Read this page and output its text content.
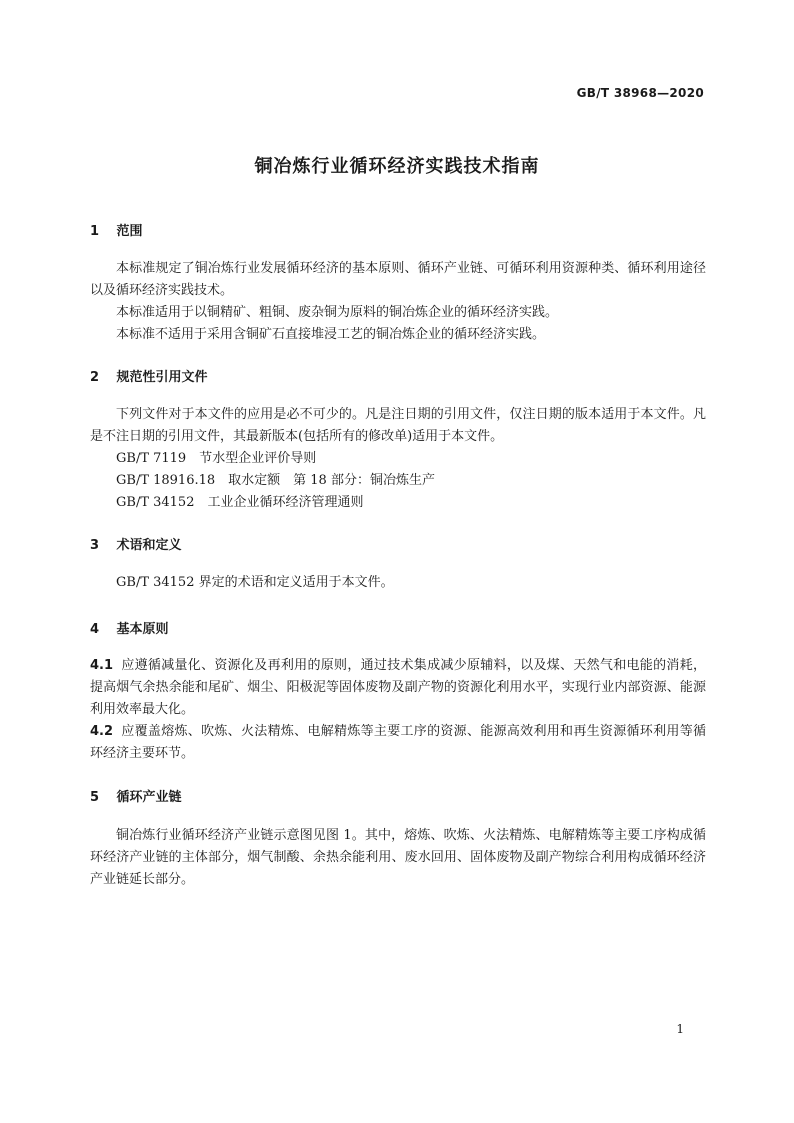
GB/T 38968—2020
铜冶炼行业循环经济实践技术指南
1 范围
本标准规定了铜冶炼行业发展循环经济的基本原则、循环产业链、可循环利用资源种类、循环利用途径以及循环经济实践技术。
本标准适用于以铜精矿、粗铜、废杂铜为原料的铜冶炼企业的循环经济实践。
本标准不适用于采用含铜矿石直接堆浸工艺的铜冶炼企业的循环经济实践。
2 规范性引用文件
下列文件对于本文件的应用是必不可少的。凡是注日期的引用文件，仅注日期的版本适用于本文件。凡是不注日期的引用文件，其最新版本(包括所有的修改单)适用于本文件。
GB/T 7119　节水型企业评价导则
GB/T 18916.18　取水定额　第 18 部分：铜冶炼生产
GB/T 34152　工业企业循环经济管理通则
3 术语和定义
GB/T 34152 界定的术语和定义适用于本文件。
4 基本原则
4.1 应遵循减量化、资源化及再利用的原则，通过技术集成减少原辅料，以及煤、天然气和电能的消耗，提高烟气余热余能和尾矿、烟尘、阳极泥等固体废物及副产物的资源化利用水平，实现行业内部资源、能源利用效率最大化。
4.2 应覆盖熔炼、吹炼、火法精炼、电解精炼等主要工序的资源、能源高效利用和再生资源循环利用等循环经济主要环节。
5 循环产业链
铜冶炼行业循环经济产业链示意图见图 1。其中，熔炼、吹炼、火法精炼、电解精炼等主要工序构成循环经济产业链的主体部分，烟气制酸、余热余能利用、废水回用、固体废物及副产物综合利用构成循环经济产业链延长部分。
1
